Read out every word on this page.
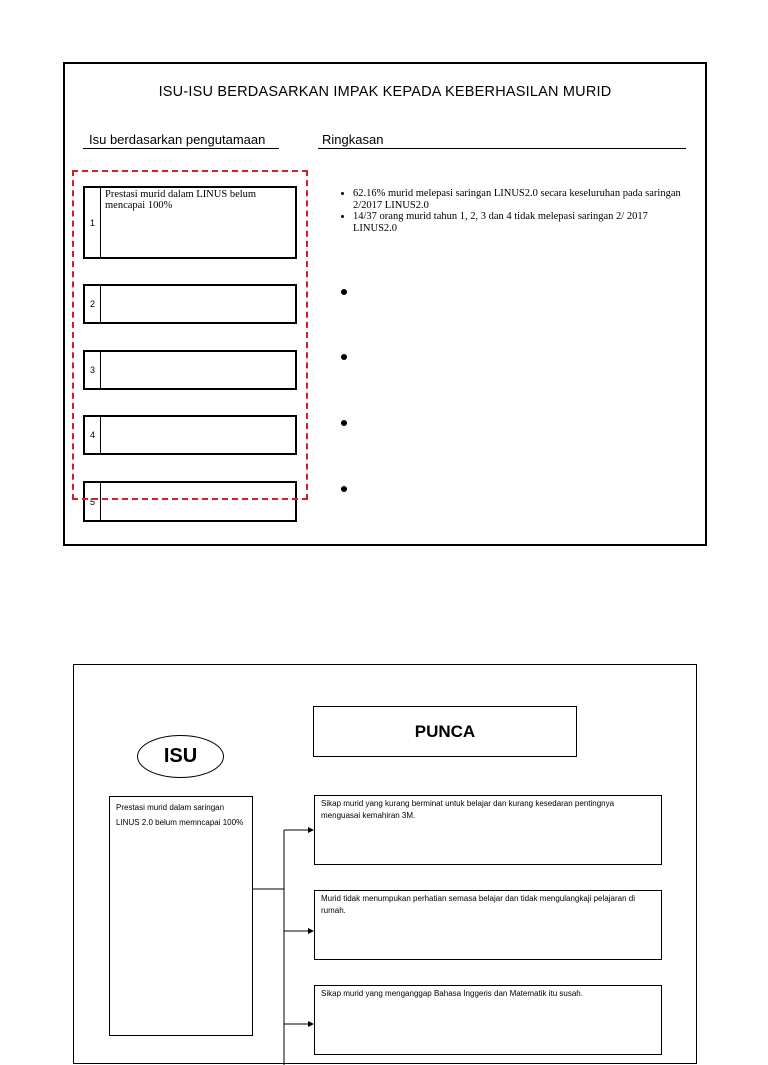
ISU-ISU BERDASARKAN IMPAK KEPADA KEBERHASILAN MURID
Isu berdasarkan pengutamaan	Ringkasan
1
Prestasi murid dalam LINUS belum mencapai 100%
2
3
4
5
• 62.16% murid melepasi saringan LINUS2.0 secara keseluruhan pada saringan 2/2017 LINUS2.0
• 14/37 orang murid tahun 1, 2, 3 dan 4 tidak melepasi saringan 2/ 2017 LINUS2.0
PUNCA
ISU
Prestasi murid dalam saringan LINUS 2.0 belum memncapai 100%
Sikap murid yang kurang berminat untuk belajar dan kurang kesedaran pentingnya menguasai kemahiran 3M.
Murid tidak menumpukan perhatian semasa belajar dan tidak mengulangkaji pelajaran di rumah.
Sikap murid yang menganggap Bahasa Inggeris dan Matematik itu susah.
